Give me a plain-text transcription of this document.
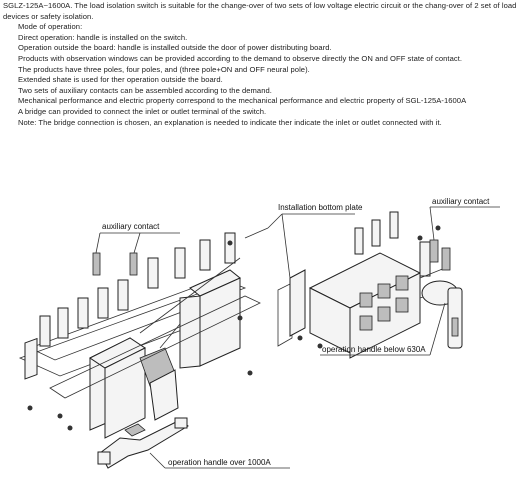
SGLZ-125A~1600A. The load isolation switch is suitable for the change-over of two sets of low voltage electric circuit or the chang-over of 2 set of load devices or safety isolation.

Mode of operation:

Direct operation: handle is installed on the switch.

Operation outside the board: handle is installed outside the door of power distributing board.

Products with observation windows can be provided according to the demand to observe directly the ON and OFF state of contact.

The products have three poles, four poles, and (three pole+ON and OFF neural pole).

Extended shate is used for ther operation outside the board.

Two sets of auxiliary contacts can be assembled according to the demand.

Mechanical performance and electric property correspond to the mechanical performance and electric property of SGL-125A-1600A

A bridge can provided to connect the inlet or outlet terminal of the switch.

Note: The bridge connection is chosen, an explanation is needed to indicate ther indicate the inlet or outlet connected with it.

auxiliary contact
Installation bottom plate
auxiliary contact
operation handle below 630A
operation handle over 1000A
